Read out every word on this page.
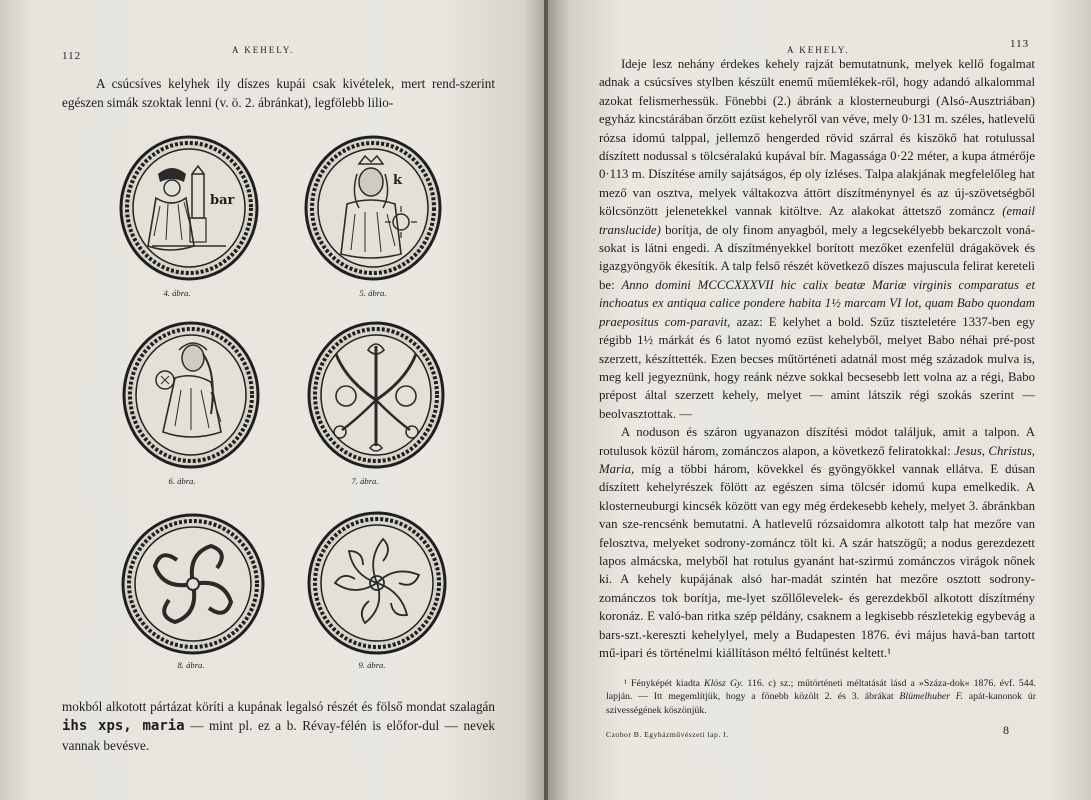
112	A KEHELY.
A csúcsíves kelyhek ily díszes kupái csak kivételek, mert rend-szerint egészen simák szoktak lenni (v. ö. 2. ábránkat), legfölebb lilio-
bar
4. ábra.
k
5. ábra.
6. ábra.	7. ábra.
8. ábra.	9. ábra.
mokból alkotott pártázat köríti a kupának legalsó részét és fölső mondat szalagán ihs xps, maria — mint pl. ez a b. Révay-félén is előfor-dul — nevek vannak bevésve.
A KEHELY.	113

Ideje lesz nehány érdekes kehely rajzát bemutatnunk, melyek kellő fogalmat adnak a csúcsíves stylben készült enemű műemlékek-ről, hogy adandó alkalommal azokat felismerhessük. Fönebbi (2.) ábránk a klosterneuburgi (Alsó-Ausztriában) egyház kincstárában őrzött ezüst kehelyről van véve, mely 0·131 m. széles, hatlevelű rózsa idomú talppal, jellemző hengerded rövid szárral és kiszökő hat rotulussal díszített nodussal s tölcséralakú kupával bír. Magassága 0·22 méter, a kupa átmérője 0·113 m. Díszítése amily sajátságos, ép oly ízléses. Talpa alakjának megfelelőleg hat mező van osztva, melyek váltakozva áttört díszítménynyel és az új-szövetségből kölcsönzött jelenetekkel vannak kitöltve. Az alakokat áttetsző zománcz (email translucide) borítja, de oly finom anyagból, mely a legcsekélyebb bekarczolt voná-sokat is látni engedi. A díszítményekkel borított mezőket ezenfelül drágakövek és igazgyöngyök ékesítik. A talp felső részét következő díszes majuscula felirat kereteli be: Anno domini MCCCXXXVII hic calix beatæ Mariæ virginis comparatus et inchoatus ex antiqua calice pondere habita 1½ marcam VI lot, quam Babo quondam praepositus com-paravit, azaz: E kelyhet a bold. Szűz tiszteletére 1337-ben egy régibb 1½ márkát és 6 latot nyomó ezüst kehelyből, melyet Babo néhai pré-post szerzett, készíttették. Ezen becses műtörténeti adatnál most még századok mulva is, meg kell jegyeznünk, hogy reánk nézve sokkal becsesebb lett volna az a régi, Babo prépost által szerzett kehely, melyet — amint látszik régi szokás szerint — beolvasztottak. —

A noduson és száron ugyanazon díszítési módot találjuk, amit a talpon. A rotulusok közül három, zománczos alapon, a következő feliratokkal: Jesus, Christus, Maria, míg a többi három, kövekkel és gyöngyökkel vannak ellátva. E dúsan díszített kehelyrészek fölött az egészen sima tölcsér idomú kupa emelkedik. A klosterneuburgi kincsék között van egy még érdekesebb kehely, melyet 3. ábránkban van sze-rencsénk bemutatni. A hatlevelű rózsaidomra alkotott talp hat mezőre van felosztva, melyeket sodrony-zománcz tölt ki. A szár hatszögű; a nodus gerezdezett lapos almácska, melyből hat rotulus gyanánt hat-szirmú zománczos virágok nőnek ki. A kehely kupájának alsó har-madát szintén hat mezőre osztott sodrony-zománczos tok borítja, me-lyet szőllőlevelek- és gerezdekből alkotott díszítmény koronáz. E való-ban ritka szép példány, csaknem a legkisebb részletekig egybevág a bars-szt.-kereszti kehelylyel, mely a Budapesten 1876. évi május havá-ban tartott mű-ipari és történelmi kiállításon méltó feltűnést keltett.¹

¹ Fényképét kiadta Klösz Gy. 116. c) sz.; műtörténeti méltatását lásd a »Száza-dok« 1876. évf. 544. lapján. — Itt megemlítjük, hogy a fönebb közölt 2. és 3. ábrákat Blümelhuber F. apát-kanonok úr szivességének köszönjük.

Czobor B. Egyházművészeti lap. I.	8
